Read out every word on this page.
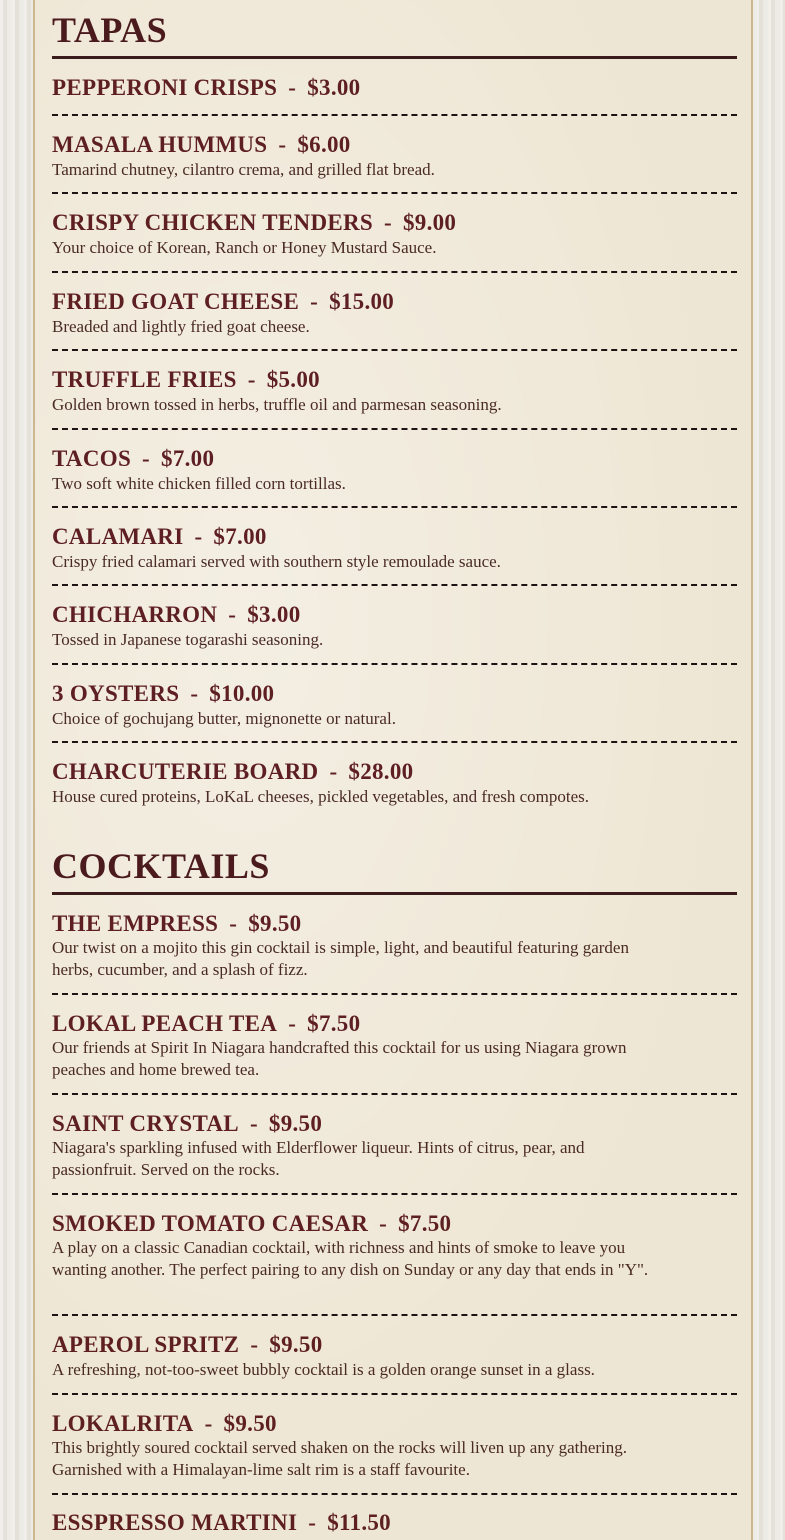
TAPAS
PEPPERONI CRISPS - $3.00
MASALA HUMMUS - $6.00

Tamarind chutney, cilantro crema, and grilled flat bread.

CRISPY CHICKEN TENDERS - $9.00

Your choice of Korean, Ranch or Honey Mustard Sauce.

FRIED GOAT CHEESE - $15.00

Breaded and lightly fried goat cheese.

TRUFFLE FRIES - $5.00

Golden brown tossed in herbs, truffle oil and parmesan seasoning.

TACOS - $7.00

Two soft white chicken filled corn tortillas.

CALAMARI - $7.00

Crispy fried calamari served with southern style remoulade sauce.

CHICHARRON - $3.00

Tossed in Japanese togarashi seasoning.

3 OYSTERS - $10.00

Choice of gochujang butter, mignonette or natural.

CHARCUTERIE BOARD - $28.00

House cured proteins, LoKaL cheeses, pickled vegetables, and fresh compotes.

COCKTAILS
THE EMPRESS - $9.50

Our twist on a mojito this gin cocktail is simple, light, and beautiful featuring garden herbs, cucumber, and a splash of fizz.

LOKAL PEACH TEA - $7.50

Our friends at Spirit In Niagara handcrafted this cocktail for us using Niagara grown peaches and home brewed tea.

SAINT CRYSTAL - $9.50

Niagara's sparkling infused with Elderflower liqueur. Hints of citrus, pear, and passionfruit. Served on the rocks.

SMOKED TOMATO CAESAR - $7.50

A play on a classic Canadian cocktail, with richness and hints of smoke to leave you wanting another. The perfect pairing to any dish on Sunday or any day that ends in "Y".

APEROL SPRITZ - $9.50

A refreshing, not-too-sweet bubbly cocktail is a golden orange sunset in a glass.

LOKALRITA - $9.50

This brightly soured cocktail served shaken on the rocks will liven up any gathering. Garnished with a Himalayan-lime salt rim is a staff favourite.

ESSPRESSO MARTINI - $11.50
